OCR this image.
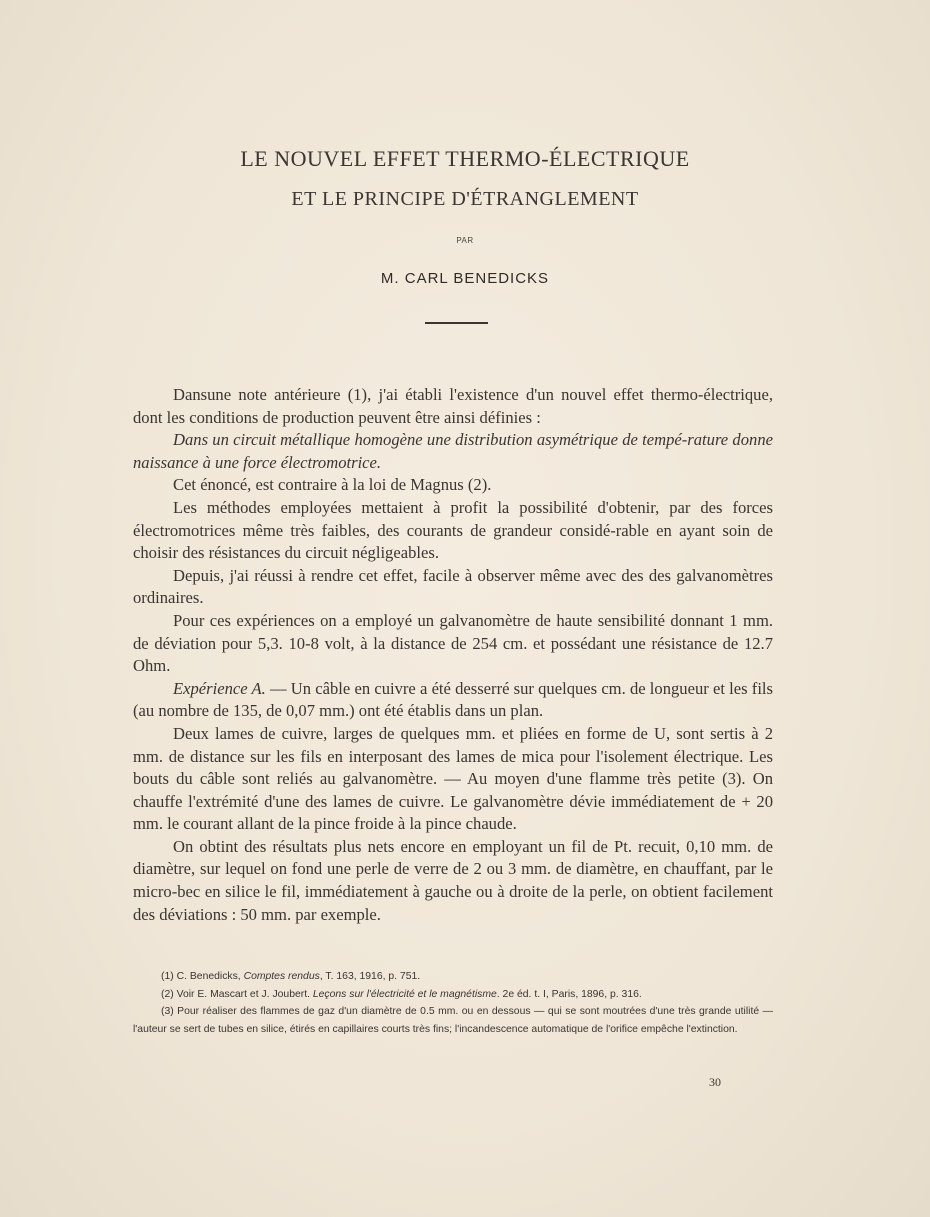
LE NOUVEL EFFET THERMO-ÉLECTRIQUE
ET LE PRINCIPE D'ÉTRANGLEMENT
PAR
M. CARL BENEDICKS

Dansune note antérieure (1), j'ai établi l'existence d'un nouvel effet thermo-électrique, dont les conditions de production peuvent être ainsi définies :

Dans un circuit métallique homogène une distribution asymétrique de tempé-rature donne naissance à une force électromotrice.

Cet énoncé, est contraire à la loi de Magnus (2).

Les méthodes employées mettaient à profit la possibilité d'obtenir, par des forces électromotrices même très faibles, des courants de grandeur considé-rable en ayant soin de choisir des résistances du circuit négligeables.

Depuis, j'ai réussi à rendre cet effet, facile à observer même avec des des galvanomètres ordinaires.

Pour ces expériences on a employé un galvanomètre de haute sensibilité donnant 1 mm. de déviation pour 5,3. 10-8 volt, à la distance de 254 cm. et possédant une résistance de 12.7 Ohm.

Expérience A. — Un câble en cuivre a été desserré sur quelques cm. de longueur et les fils (au nombre de 135, de 0,07 mm.) ont été établis dans un plan.

Deux lames de cuivre, larges de quelques mm. et pliées en forme de U, sont sertis à 2 mm. de distance sur les fils en interposant des lames de mica pour l'isolement électrique. Les bouts du câble sont reliés au galvanomètre. — Au moyen d'une flamme très petite (3). On chauffe l'extrémité d'une des lames de cuivre. Le galvanomètre dévie immédiatement de + 20 mm. le courant allant de la pince froide à la pince chaude.

On obtint des résultats plus nets encore en employant un fil de Pt. recuit, 0,10 mm. de diamètre, sur lequel on fond une perle de verre de 2 ou 3 mm. de diamètre, en chauffant, par le micro-bec en silice le fil, immédiatement à gauche ou à droite de la perle, on obtient facilement des déviations : 50 mm. par exemple.

(1) C. Benedicks, Comptes rendus, T. 163, 1916, p. 751.

(2) Voir E. Mascart et J. Joubert. Leçons sur l'électricité et le magnétisme. 2e éd. t. I, Paris, 1896, p. 316.

(3) Pour réaliser des flammes de gaz d'un diamètre de 0.5 mm. ou en dessous — qui se sont moutrées d'une très grande utilité — l'auteur se sert de tubes en silice, étirés en capillaires courts très fins; l'incandescence automatique de l'orifice empêche l'extinction.

30
